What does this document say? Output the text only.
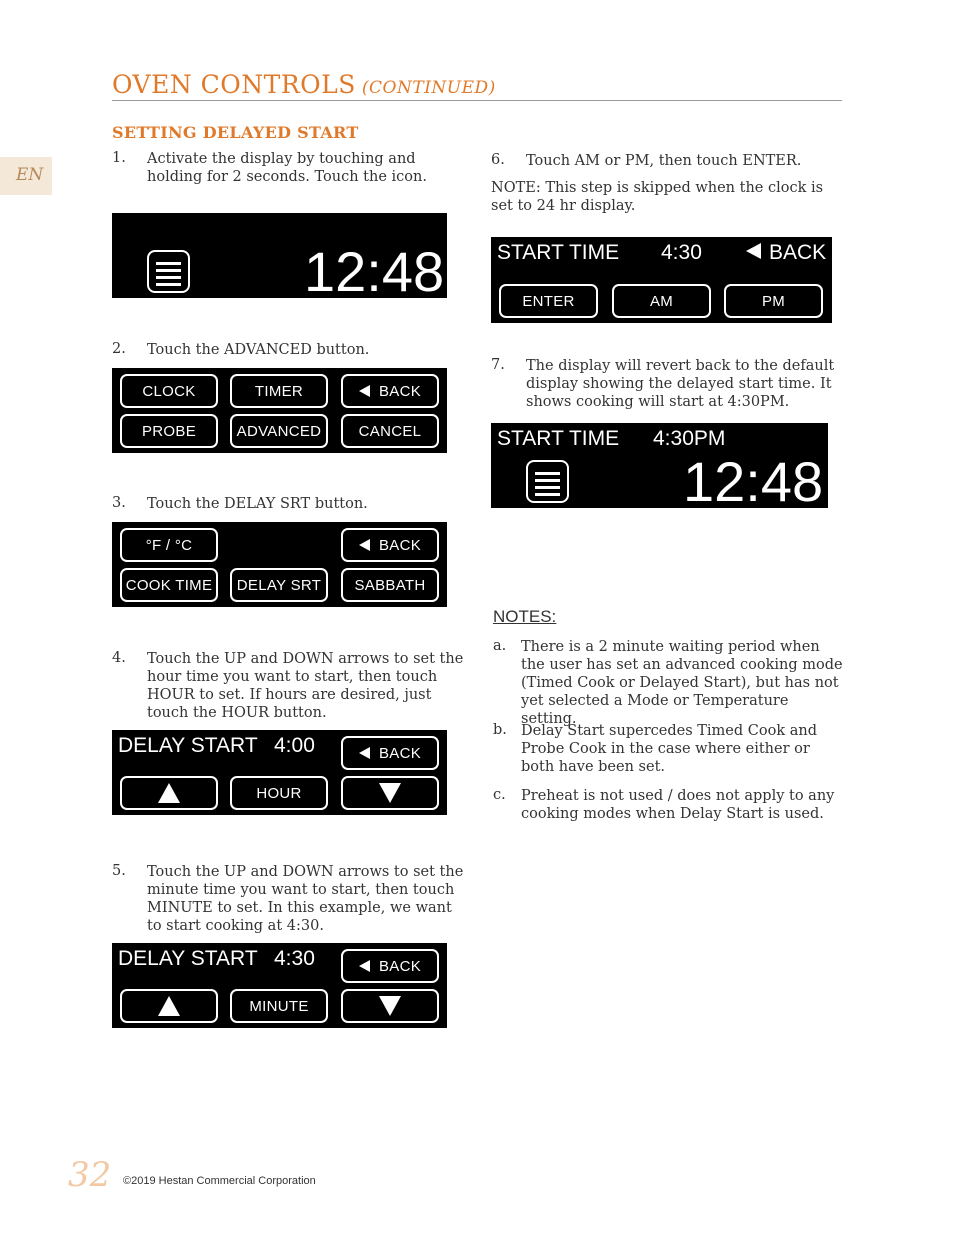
OVEN CONTROLS (CONTINUED)
EN
SETTING DELAYED START
1. Activate the display by touching and holding for 2 seconds. Touch the icon.
12:48
2. Touch the ADVANCED button.
CLOCK	TIMER	BACK
PROBE	ADVANCED	CANCEL
3. Touch the DELAY SRT button.
°F / °C	BACK
COOK TIME	DELAY SRT	SABBATH
4. Touch the UP and DOWN arrows to set the hour time you want to start, then touch HOUR to set. If hours are desired, just touch the HOUR button.
DELAY START 4:00	BACK
HOUR
5. Touch the UP and DOWN arrows to set the minute time you want to start, then touch MINUTE to set. In this example, we want to start cooking at 4:30.
DELAY START 4:30	BACK
MINUTE
6. Touch AM or PM, then touch ENTER.
NOTE: This step is skipped when the clock is set to 24 hr display.
START TIME 4:30	BACK
ENTER	AM	PM
7. The display will revert back to the default display showing the delayed start time. It shows cooking will start at 4:30PM.
START TIME 4:30PM
12:48
NOTES:
a. There is a 2 minute waiting period when the user has set an advanced cooking mode (Timed Cook or Delayed Start), but has not yet selected a Mode or Temperature setting.
b. Delay Start supercedes Timed Cook and Probe Cook in the case where either or both have been set.
c. Preheat is not used / does not apply to any cooking modes when Delay Start is used.
32 ©2019 Hestan Commercial Corporation
